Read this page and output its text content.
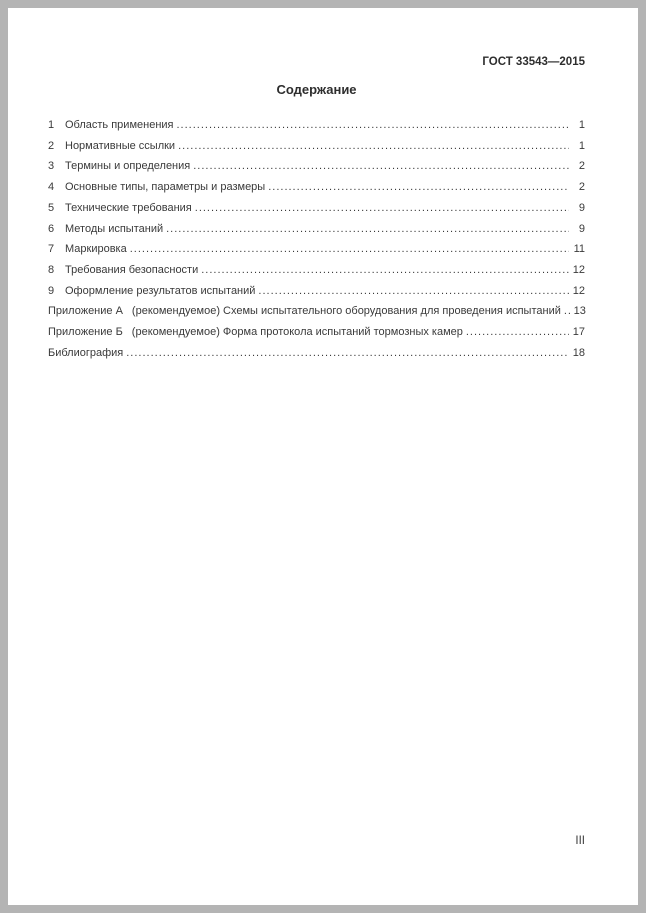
ГОСТ 33543—2015
Содержание
1 Область применения .....	1
2 Нормативные ссылки .....	1
3 Термины и определения .....	2
4 Основные типы, параметры и размеры .....	2
5 Технические требования .....	9
6 Методы испытаний .....	9
7 Маркировка .....	11
8 Требования безопасности .....	12
9 Оформление результатов испытаний .....	12
Приложение А (рекомендуемое) Схемы испытательного оборудования для проведения испытаний ..... 13
Приложение Б (рекомендуемое) Форма протокола испытаний тормозных камер .....	17
Библиография .....	18
III
